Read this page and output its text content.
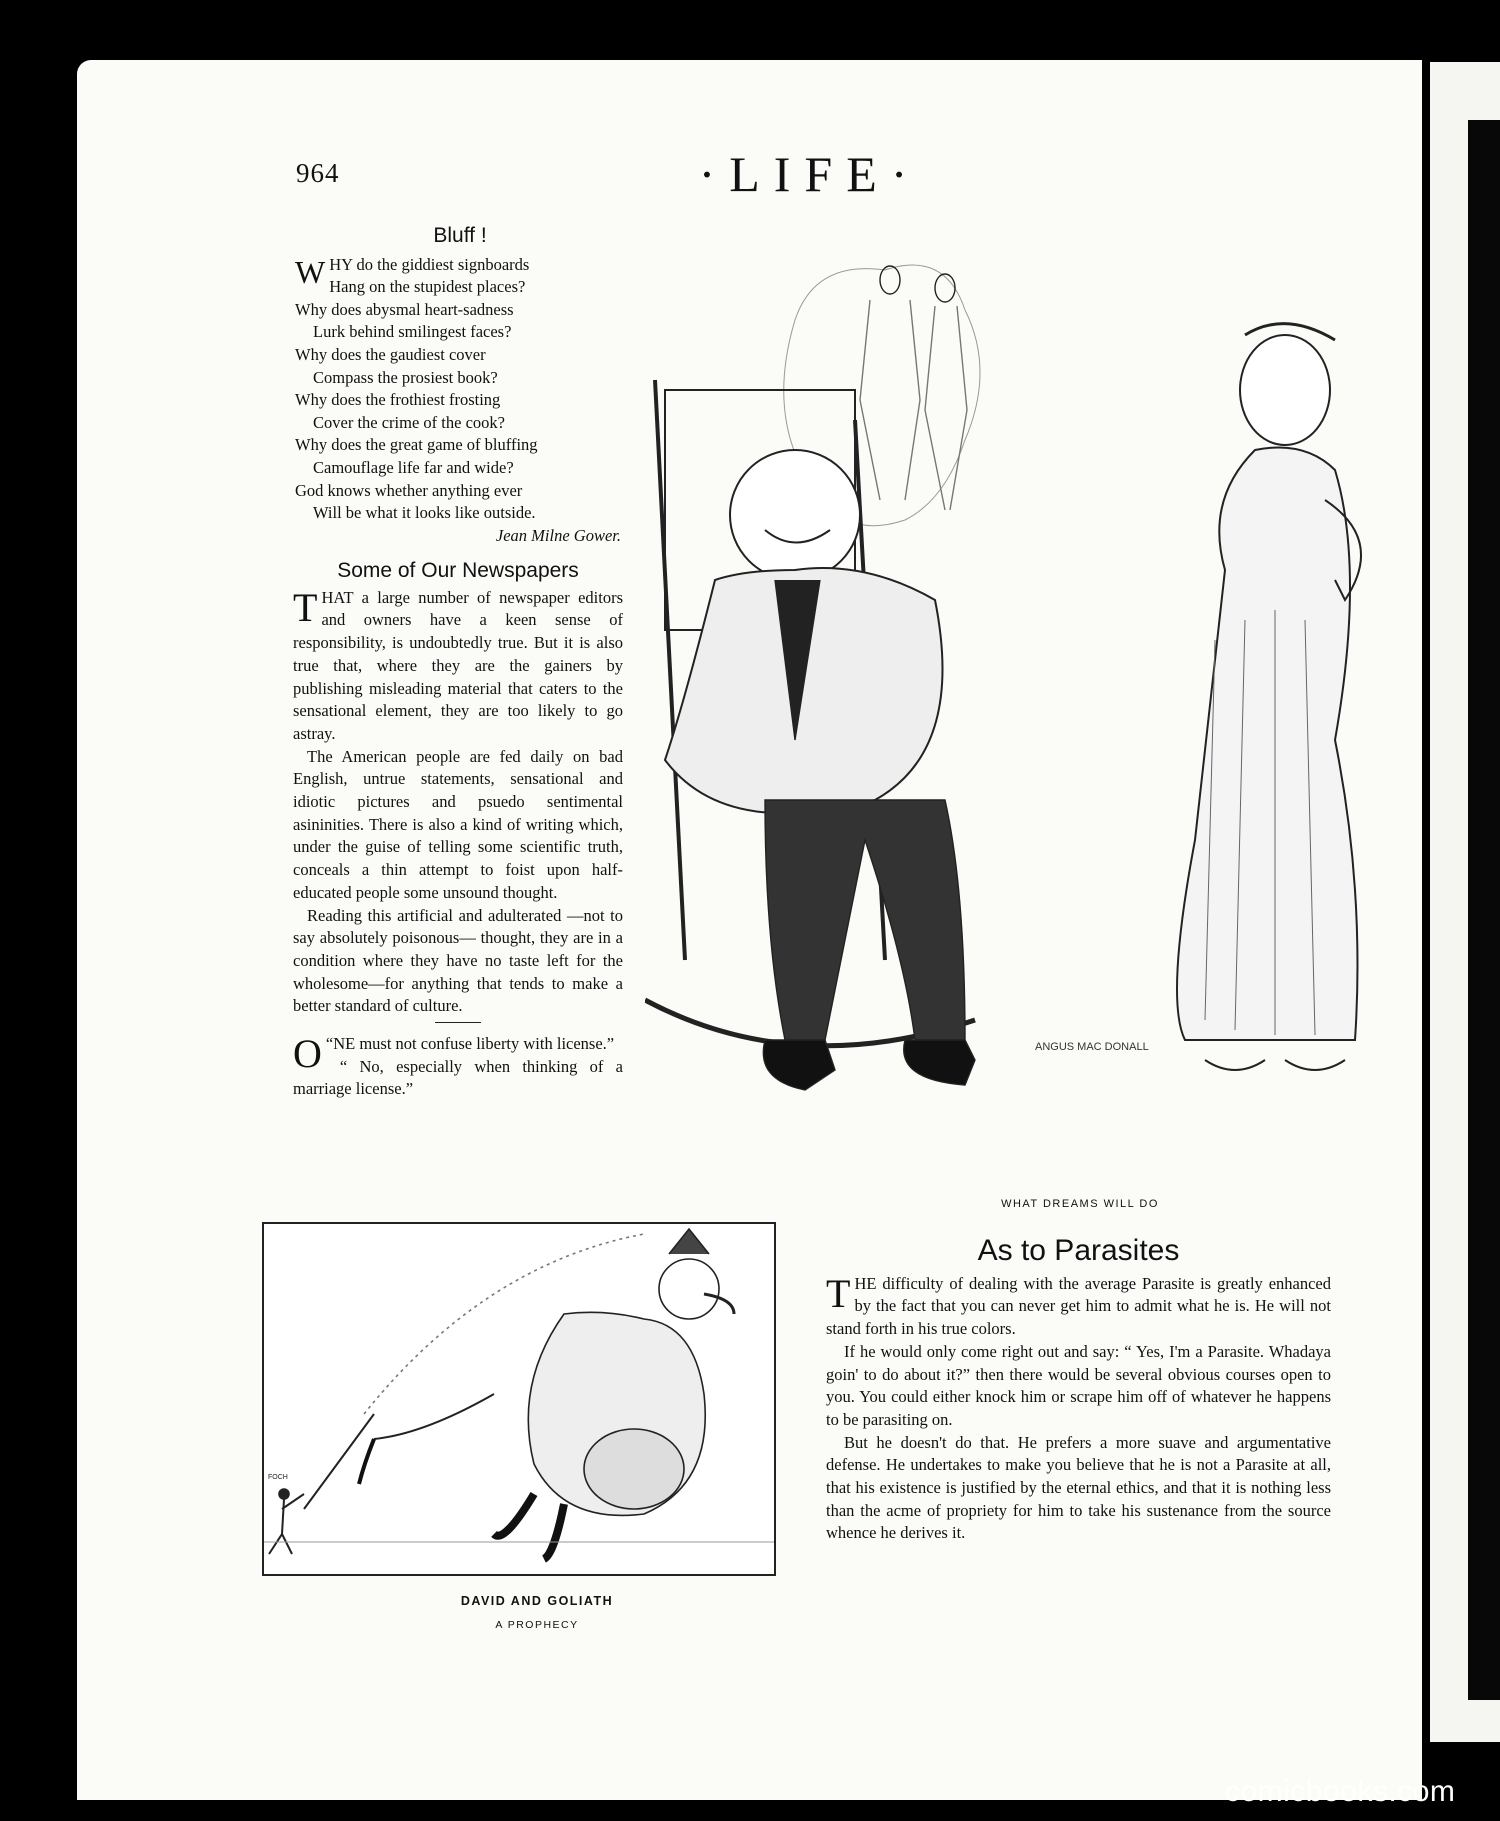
964	·LIFE·
Bluff !
WHY do the giddiest signboards
Hang on the stupidest places?
Why does abysmal heart-sadness
Lurk behind smilingest faces?
Why does the gaudiest cover
Compass the prosiest book?
Why does the frothiest frosting
Cover the crime of the cook?
Why does the great game of bluffing
Camouflage life far and wide?
God knows whether anything ever
Will be what it looks like outside.
Jean Milne Gower.
Some of Our Newspapers

THAT a large number of newspaper editors and owners have a keen sense of responsibility, is undoubtedly true. But it is also true that, where they are the gainers by publishing misleading material that caters to the sensational element, they are too likely to go astray.

The American people are fed daily on bad English, untrue statements, sensational and idiotic pictures and psuedo sentimental asininities. There is also a kind of writing which, under the guise of telling some scientific truth, conceals a thin attempt to foist upon half-educated people some unsound thought.

Reading this artificial and adulterated —not to say absolutely poisonous— thought, they are in a condition where they have no taste left for the wholesome—for anything that tends to make a better standard of culture.

“
O NE must not confuse liberty with license.”

“ No, especially when thinking of a marriage license.”

ANGUS MAC DONALL
WHAT DREAMS WILL DO
FOCH
DAVID AND GOLIATH
A PROPHECY
As to Parasites

THE difficulty of dealing with the average Parasite is greatly enhanced by the fact that you can never get him to admit what he is. He will not stand forth in his true colors.

If he would only come right out and say: “ Yes, I'm a Parasite. Whadaya goin' to do about it?” then there would be several obvious courses open to you. You could either knock him or scrape him off of whatever he happens to be parasiting on.

But he doesn't do that. He prefers a more suave and argumentative defense. He undertakes to make you believe that he is not a Parasite at all, that his existence is justified by the eternal ethics, and that it is nothing less than the acme of propriety for him to take his sustenance from the source whence he derives it.

comicbooks.com
